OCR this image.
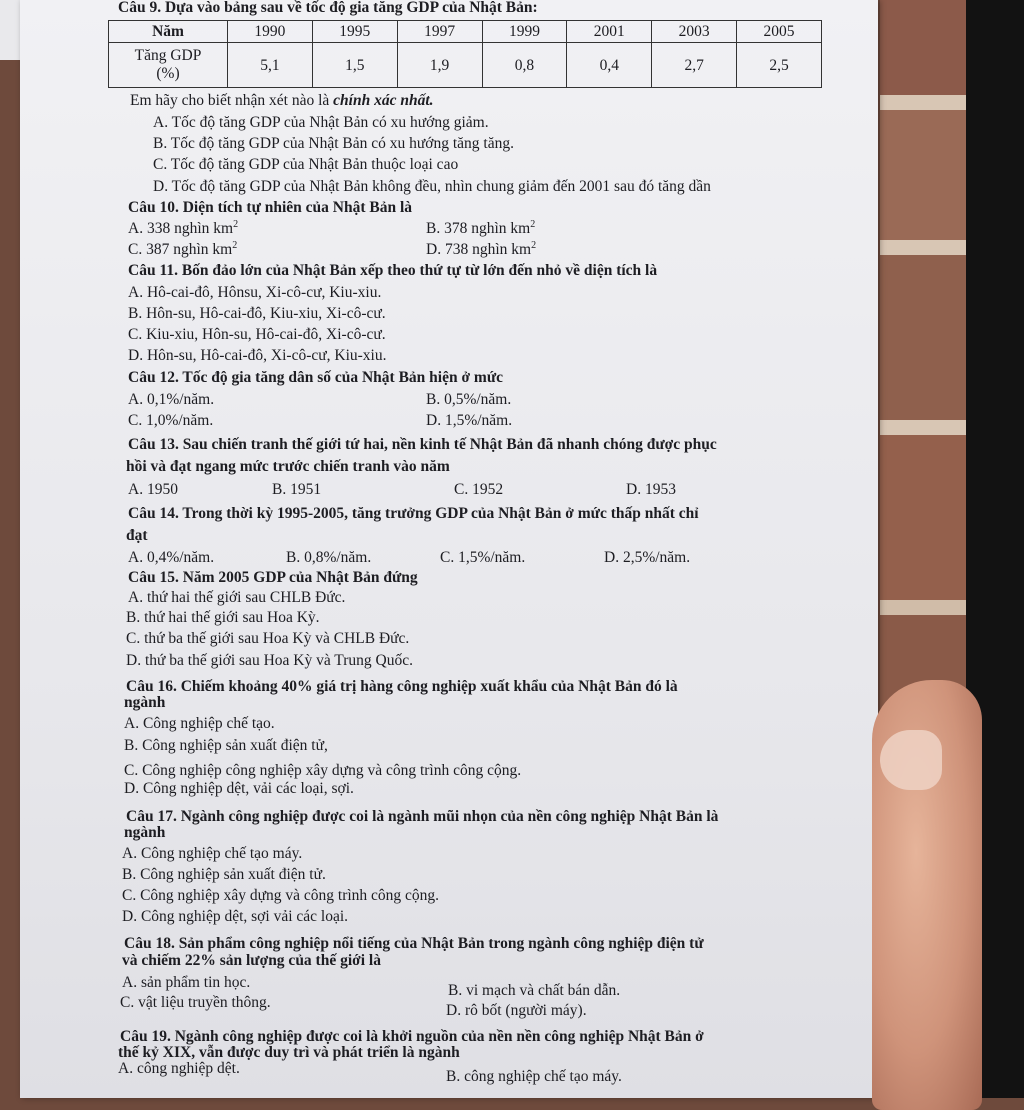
Câu 9. Dựa vào bảng sau về tốc độ gia tăng GDP của Nhật Bản:
Năm	1990	1995	1997	1999	2001	2003	2005

Tăng GDP
(%)	5,1	1,5	1,9	0,8	0,4	2,7	2,5
Em hãy cho biết nhận xét nào là chính xác nhất.
A. Tốc độ tăng GDP của Nhật Bản có xu hướng giảm.
B. Tốc độ tăng GDP của Nhật Bản có xu hướng tăng tăng.
C. Tốc độ tăng GDP của Nhật Bản thuộc loại cao
D. Tốc độ tăng GDP của Nhật Bản không đều, nhìn chung giảm đến 2001 sau đó tăng dần
Câu 10. Diện tích tự nhiên của Nhật Bản là
A. 338 nghìn $km^2$	B. 378 nghìn $km^2$
C. 387 nghìn $km^2$	D. 738 nghìn $km^2$
Câu 11. Bốn đảo lớn của Nhật Bản xếp theo thứ tự từ lớn đến nhỏ về diện tích là
A. Hô-cai-đô, Hônsu, Xi-cô-cư, Kiu-xiu.
B. Hôn-su, Hô-cai-đô, Kiu-xiu, Xi-cô-cư.
C. Kiu-xiu, Hôn-su, Hô-cai-đô, Xi-cô-cư.
D. Hôn-su, Hô-cai-đô, Xi-cô-cư, Kiu-xiu.
Câu 12. Tốc độ gia tăng dân số của Nhật Bản hiện ở mức
A. 0,1%/năm.	B. 0,5%/năm.
C. 1,0%/năm.	D. 1,5%/năm.
Câu 13. Sau chiến tranh thế giới tứ hai, nền kinh tế Nhật Bản đã nhanh chóng được phục
hồi và đạt ngang mức trước chiến tranh vào năm
A. 1950	B. 1951	C. 1952	D. 1953
Câu 14. Trong thời kỳ 1995-2005, tăng trưởng GDP của Nhật Bản ở mức thấp nhất chỉ
đạt
A. 0,4%/năm.	B. 0,8%/năm.	C. 1,5%/năm.	D. 2,5%/năm.
Câu 15. Năm 2005 GDP của Nhật Bản đứng
A. thứ hai thế giới sau CHLB Đức.
B. thứ hai thế giới sau Hoa Kỳ.
C. thứ ba thế giới sau Hoa Kỳ và CHLB Đức.
D. thứ ba thế giới sau Hoa Kỳ và Trung Quốc.
Câu 16. Chiếm khoảng 40% giá trị hàng công nghiệp xuất khẩu của Nhật Bản đó là
ngành
A. Công nghiệp chế tạo.
B. Công nghiệp sản xuất điện tử,
C. Công nghiệp công nghiệp xây dựng và công trình công cộng.
D. Công nghiệp dệt, vải các loại, sợi.
Câu 17. Ngành công nghiệp được coi là ngành mũi nhọn của nền công nghiệp Nhật Bản là
ngành
A. Công nghiệp chế tạo máy.
B. Công nghiệp sản xuất điện tử.
C. Công nghiệp xây dựng và công trình công cộng.
D. Công nghiệp dệt, sợi vải các loại.
Câu 18. Sản phẩm công nghiệp nổi tiếng của Nhật Bản trong ngành công nghiệp điện tử
và chiếm 22% sản lượng của thế giới là
A. sản phẩm tin học.	B. vi mạch và chất bán dẫn.
C. vật liệu truyền thông.	D. rô bốt (người máy).
Câu 19. Ngành công nghiệp được coi là khởi nguồn của nền nền công nghiệp Nhật Bản ở
thế kỷ XIX, vẫn được duy trì và phát triển là ngành
A. công nghiệp dệt.	B. công nghiệp chế tạo máy.
